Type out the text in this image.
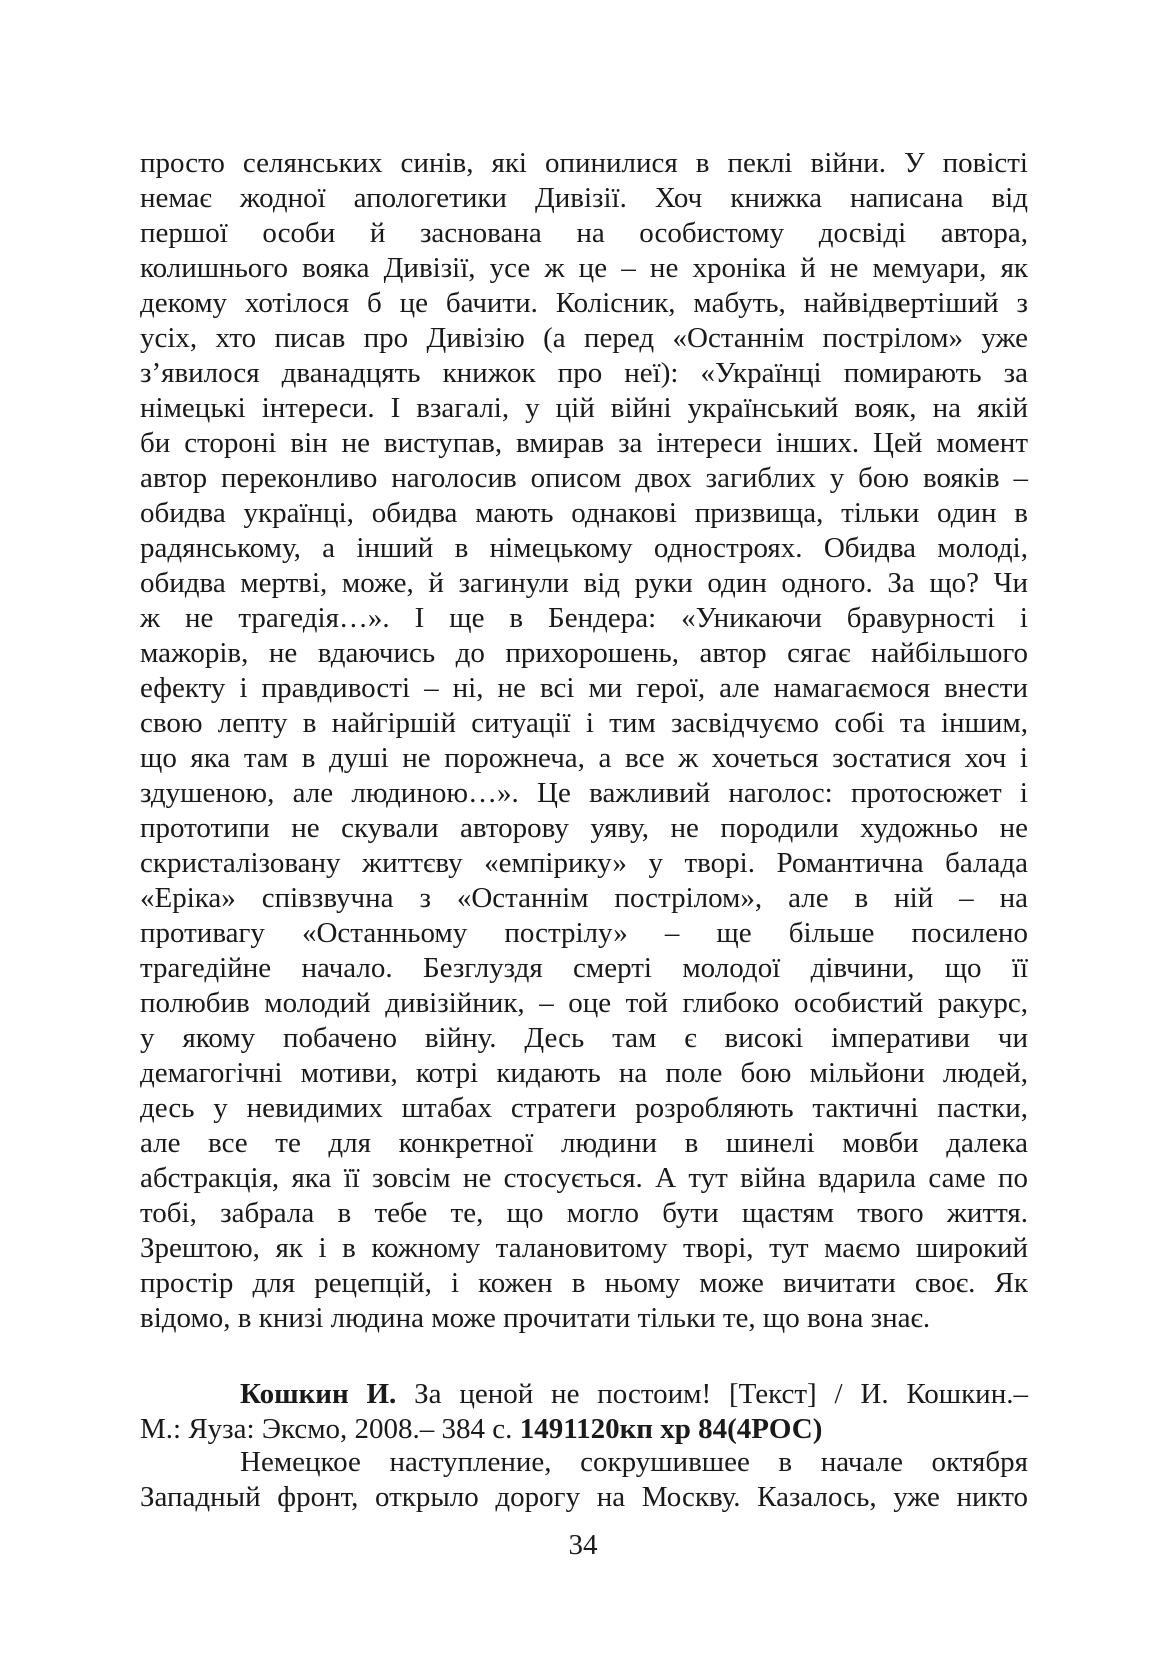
просто селянських синів, які опинилися в пеклі війни. У повісті
немає жодної апологетики Дивізії. Хоч книжка написана від
першої особи й заснована на особистому досвіді автора,
колишнього вояка Дивізії, усе ж це – не хроніка й не мемуари, як
декому хотілося б це бачити. Колісник, мабуть, найвідвертіший з
усіх, хто писав про Дивізію (а перед «Останнім пострілом» уже
з’явилося дванадцять книжок про неї): «Українці помирають за
німецькі інтереси. І взагалі, у цій війні український вояк, на якій
би стороні він не виступав, вмирав за інтереси інших. Цей момент
автор переконливо наголосив описом двох загиблих у бою вояків –
обидва українці, обидва мають однакові призвища, тільки один в
радянському, а інший в німецькому одностроях. Обидва молоді,
обидва мертві, може, й загинули від руки один одного. За що? Чи
ж не трагедія…». І ще в Бендера: «Уникаючи бравурності і
мажорів, не вдаючись до прихорошень, автор сягає найбільшого
ефекту і правдивості – ні, не всі ми герої, але намагаємося внести
свою лепту в найгіршій ситуації і тим засвідчуємо собі та іншим,
що яка там в душі не порожнеча, а все ж хочеться зостатися хоч і
здушеною, але людиною…». Це важливий наголос: протосюжет і
прототипи не скували авторову уяву, не породили художньо не
скристалізовану життєву «емпірику» у творі. Романтична балада
«Еріка» співзвучна з «Останнім пострілом», але в ній – на
противагу «Останньому пострілу» – ще більше посилено
трагедійне начало. Безглуздя смерті молодої дівчини, що її
полюбив молодий дивізійник, – оце той глибоко особистий ракурс,
у якому побачено війну. Десь там є високі імперативи чи
демагогічні мотиви, котрі кидають на поле бою мільйони людей,
десь у невидимих штабах стратеги розробляють тактичні пастки,
але все те для конкретної людини в шинелі мовби далека
абстракція, яка її зовсім не стосується. А тут війна вдарила саме по
тобі, забрала в тебе те, що могло бути щастям твого життя.
Зрештою, як і в кожному талановитому творі, тут маємо широкий
простір для рецепцій, і кожен в ньому може вичитати своє. Як
відомо, в книзі людина може прочитати тільки те, що вона знає.
Кошкин И. За ценой не постоим! [Текст] / И. Кошкин.–
М.: Яуза: Эксмо, 2008.– 384 с. 1491120кп хр 84(4РОС)
Немецкое наступление, сокрушившее в начале октября
Западный фронт, открыло дорогу на Москву. Казалось, уже никто
34
